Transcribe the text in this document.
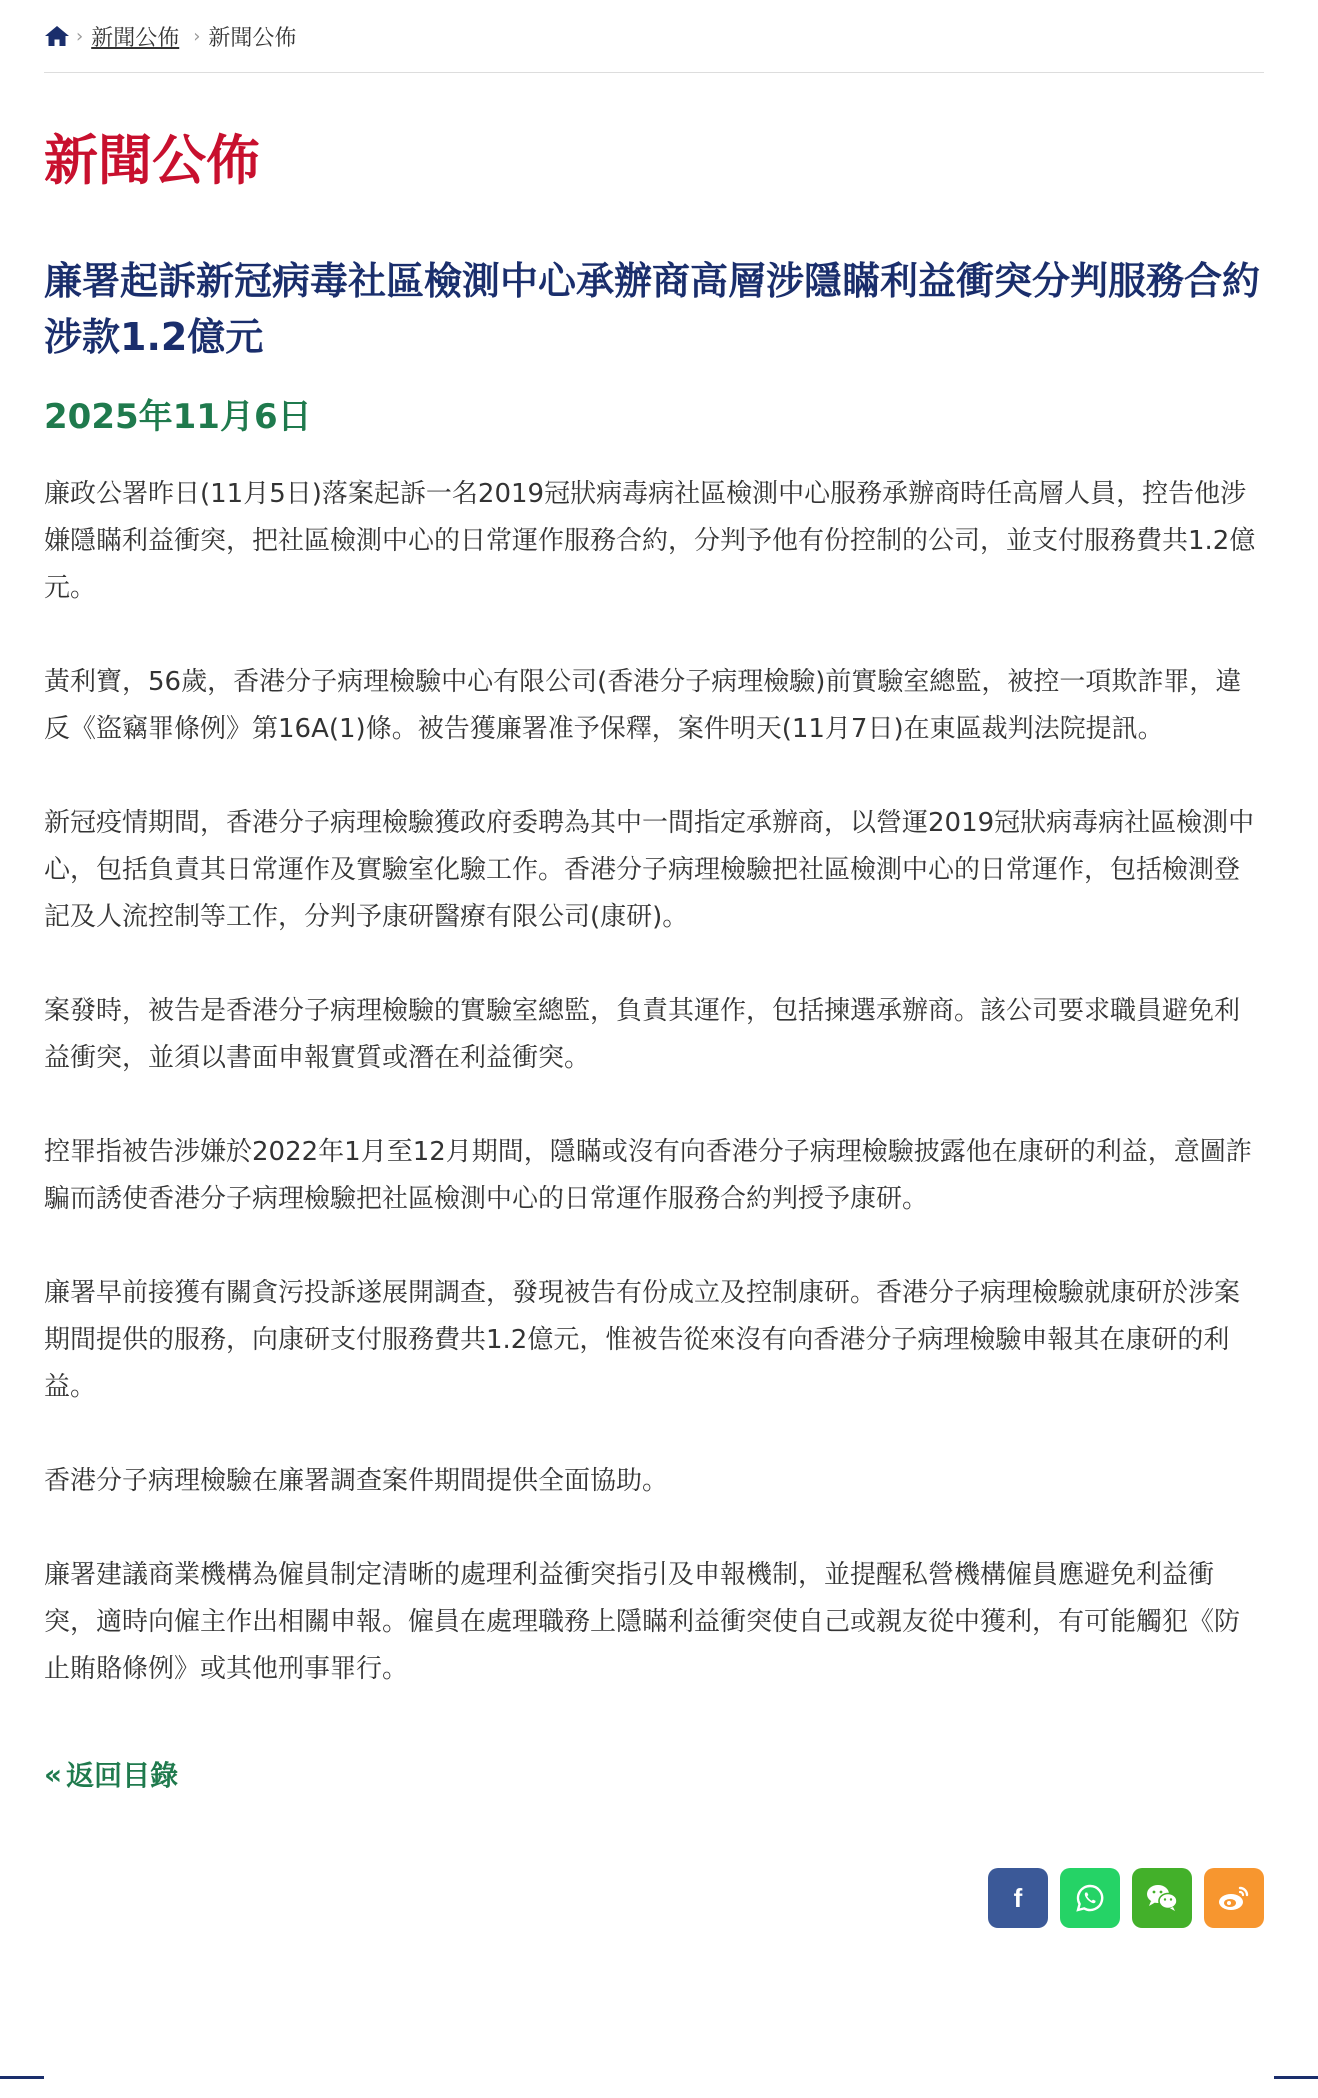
› 新聞公佈 › 新聞公佈
新聞公佈
廉署起訴新冠病毒社區檢測中心承辦商高層涉隱瞞利益衝突分判服務合約涉款1.2億元
2025年11月6日

廉政公署昨日(11月5日)落案起訴一名2019冠狀病毒病社區檢測中心服務承辦商時任高層人員，控告他涉嫌隱瞞利益衝突，把社區檢測中心的日常運作服務合約，分判予他有份控制的公司，並支付服務費共1.2億元。

黃利寶，56歲，香港分子病理檢驗中心有限公司(香港分子病理檢驗)前實驗室總監，被控一項欺詐罪，違反《盜竊罪條例》第16A(1)條。被告獲廉署准予保釋，案件明天(11月7日)在東區裁判法院提訊。

新冠疫情期間，香港分子病理檢驗獲政府委聘為其中一間指定承辦商，以營運2019冠狀病毒病社區檢測中心，包括負責其日常運作及實驗室化驗工作。香港分子病理檢驗把社區檢測中心的日常運作，包括檢測登記及人流控制等工作，分判予康研醫療有限公司(康研)。

案發時，被告是香港分子病理檢驗的實驗室總監，負責其運作，包括揀選承辦商。該公司要求職員避免利益衝突，並須以書面申報實質或潛在利益衝突。

控罪指被告涉嫌於2022年1月至12月期間，隱瞞或沒有向香港分子病理檢驗披露他在康研的利益，意圖詐騙而誘使香港分子病理檢驗把社區檢測中心的日常運作服務合約判授予康研。

廉署早前接獲有關貪污投訴遂展開調查，發現被告有份成立及控制康研。香港分子病理檢驗就康研於涉案期間提供的服務，向康研支付服務費共1.2億元，惟被告從來沒有向香港分子病理檢驗申報其在康研的利益。

香港分子病理檢驗在廉署調查案件期間提供全面協助。

廉署建議商業機構為僱員制定清晰的處理利益衝突指引及申報機制，並提醒私營機構僱員應避免利益衝突，適時向僱主作出相關申報。僱員在處理職務上隱瞞利益衝突使自己或親友從中獲利，有可能觸犯《防止賄賂條例》或其他刑事罪行。

« 返回目錄
f
